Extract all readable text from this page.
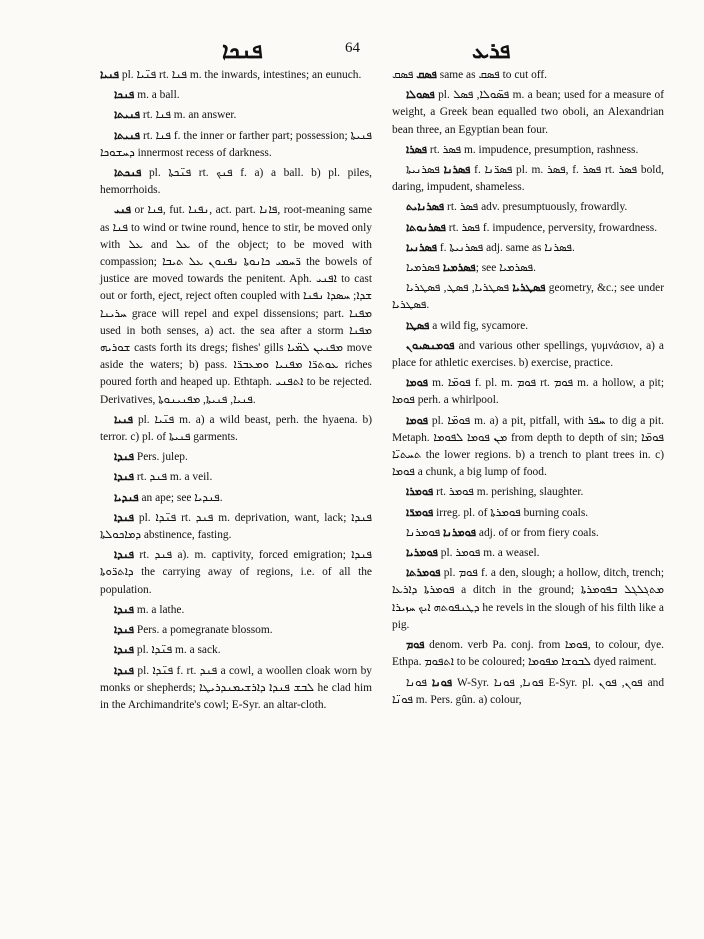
ܦܢܟܐ	64	ܦܪܥ

ܦܢܝܐ pl. ܦܢ̈ܝܐ rt. ܦܢܐ m. the inwards, intestines; an eunuch.

ܦܢܟܐ m. a ball.

ܦܢܝܬܐ rt. ܦܢܐ m. an answer.

ܦܢܝܬܐ rt. ܦܢܐ f. the inner or farther part; possession; ܦܢܝܬܐ ܕܚܫܘܟܐ innermost recess of darkness.

ܦܢܟܬܐ pl. ܦܢ̈ܟܬܐ rt. ܦܢܟ f. a) a ball. b) pl. piles, hemorrhoids.

ܦܢܝ or ܦܢܐ, fut. ܢܦܢܐ, act. part. ܦܐܢܐ, root-meaning same as ܦܢܐ to wind or twine round, hence to stir, be moved only with ܥܠ and ܥܠ of the object; to be moved with compassion; ܪ̈ܚܡܝ ܟܐܢܘܬܐ ܢܦܢܘܢ ܥܠ ܬܝܒܐ the bowels of justice are moved towards the penitent. Aph. ܐܦܢܝ to cast out or forth, eject, reject often coupled with ܫܕܐ; ܚܣܕܐ ܢܦܢܐ ܚܪܝܢܐ grace will repel and expel dissensions; part. ܡܦܢܐ used in both senses, a) act. the sea after a storm ܡܦܢܐ ܫܘܪܝܗ casts forth its dregs; fishes' gills ܡܦܢܝܢ ܠܡ̈ܝܐ move aside the waters; b) pass. ܥܘܬܪ̈ܐ ܡܦܢܝܐ ܘܡܥܒܪ̈ܐ riches poured forth and heaped up. Ethtaph. ܐܬܦܢܝ to be rejected. Derivatives, ܦܢܝܐ, ܦܢܝܬܐ, ܡܦܢܝܢܘܬܐ.

ܦܢܝܐ pl. ܦܢ̈ܝܐ m. a) a wild beast, perh. the hyaena. b) terror. c) pl. of ܦܢܝܬܐ garments.

ܦܢܕܐ Pers. julep.

ܦܢܕܐ rt. ܦܢܕ m. a veil.

ܦܢܕܝܐ an ape; see ܦܢܕܝܐ.

ܦܢܕܐ pl. ܦܢ̈ܕܐ rt. ܦܢܕ m. deprivation, want, lack; ܦܢܕܐ ܕܡܐܟܘܠܬܐ abstinence, fasting.

ܦܢܕܐ rt. ܦܢܕ a). m. captivity, forced emigration; ܦܢܕܐ ܕܐܬܪ̈ܘܬܐ the carrying away of regions, i.e. of all the population.

ܦܢܕܐ m. a lathe.

ܦܢܕܐ Pers. a pomegranate blossom.

ܦܢܕܐ pl. ܦܢ̈ܕܐ m. a sack.

ܦܢܕܐ pl. ܦܢ̈ܕܐ f. rt. ܦܢܕ a cowl, a woollen cloak worn by monks or shepherds; ܠܒܫ ܦܢܕܐ ܕܐܪܫܝܡܢܕܪܝܛܐ he clad him in the Archimandrite's cowl; E-Syr. an altar-cloth.

ܦܣܩ ܦܣܩ same as ܦܣܩ to cut off.

ܦܣܘܠܐ pl. ܦܣ̈ܘܠܐ, ܦܣܠ m. a bean; used for a measure of weight, a Greek bean equalled two oboli, an Alexandrian bean three, an Egyptian bean four.

ܦܣܪܐ rt. ܦܣܪ m. impudence, presumption, rashness.

ܦܣܪܢܐ ܦܣܪܢܝܬܐ f. ܦܣܪ̈ܢܐ pl. m. ܦܣܪ, f. ܦܣܪ rt. ܦܣܪ bold, daring, impudent, shameless.

ܦܣܪܢܐܝܬ rt. ܦܣܪ adv. presumptuously, frowardly.

ܦܣܪܢܘܬܐ rt. ܦܣܪ f. impudence, perversity, frowardness.

ܦܣܪܢܝܐ f. ܦܣܪܢܝܬܐ adj. same as ܦܣܪܢܐ.

ܦܣܪܡܝܐ ܦܣܪܡܝܐ; see ܦܣܪܡܝܐ.

ܦܣܛܪܝܐ ܦܣܛܪܝܐ, ܦܣܛ, ܦܣܛܪܝܐ geometry, &c.; see under ܦܣܛܪܝܐ.

ܦܣܛܐ a wild fig, sycamore.

ܦܘܡܢܣܝܘܢ and various other spellings, γυμνάσιον, a) a place for athletic exercises. b) exercise, practice.

ܦܘܡܐ m. ܦܘܡ̈ܐ f. pl. m. ܦܘܡ rt. ܦܘܡ m. a hollow, a pit; ܦܘܡܐ perh. a whirlpool.

ܦܘܡܐ pl. ܦܘܡ̈ܐ m. a) a pit, pitfall, with ܚܦܪ to dig a pit. Metaph. ܡܢ ܦܘܡܐ ܠܦܘܡܐ from depth to depth of sin; ܦܘܡ̈ܐ ܬܚܬܝ̈ܐ the lower regions. b) a trench to plant trees in. c) ܦܘܡܐ a chunk, a big lump of food.

ܦܘܡܪܐ rt. ܦܘܡܪ m. perishing, slaughter.

ܦܘܡܪ̈ܐ irreg. pl. of ܦܘܡܪܬܐ burning coals.

ܦܘܡܪܢܐ ܦܘܡܪܢܐ adj. of or from fiery coals.

ܦܘܡܪܝܐ pl. ܦܘܡܪ m. a weasel.

ܦܘܡܪܬܐ pl. ܦܘܡ f. a den, slough; a hollow, ditch, trench; ܦܘܡܪܬܐ ܕܐܪܥܐ a ditch in the ground; ܡܬܓܠܓܠ ܒܦܘܡܪܬܐ ܕܛܢܦܘܬܗ ܐܝܟ ܚܙܝܪܐ he revels in the slough of his filth like a pig.

ܦܘܡ denom. verb Pa. conj. from ܦܘܡܐ, to colour, dye. Ethpa. ܐܬܦܘܡ to be coloured; ܠܒܘܫܐ ܡܦܘܡܐ dyed raiment.

ܦܘܢܐ ܦܘܢܐ W-Syr. ܦܘܢܐ, ܦܘܢܐ E-Syr. pl. ܦܘܢ, ܦܘܢ and ܦܘܢ̈ܐ m. Pers. gûn. a) colour,
